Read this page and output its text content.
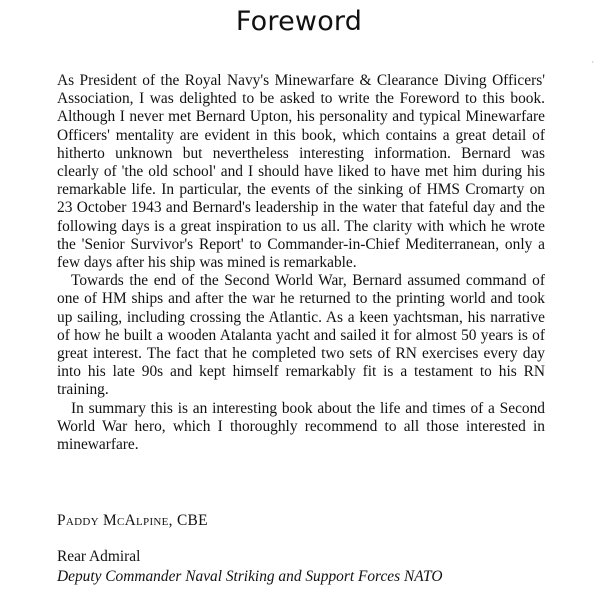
Foreword

As President of the Royal Navy's Minewarfare & Clearance Diving Officers' Association, I was delighted to be asked to write the Foreword to this book. Although I never met Bernard Upton, his personality and typical Minewarfare Officers' mentality are evident in this book, which contains a great detail of hitherto unknown but nevertheless interesting information. Bernard was clearly of 'the old school' and I should have liked to have met him during his remarkable life. In particular, the events of the sinking of HMS Cromarty on 23 October 1943 and Bernard's leadership in the water that fateful day and the following days is a great inspiration to us all. The clarity with which he wrote the 'Senior Survivor's Report' to Commander-in-Chief Mediterranean, only a few days after his ship was mined is remarkable.

Towards the end of the Second World War, Bernard assumed command of one of HM ships and after the war he returned to the printing world and took up sailing, including crossing the Atlantic. As a keen yachtsman, his narrative of how he built a wooden Atalanta yacht and sailed it for almost 50 years is of great interest. The fact that he completed two sets of RN exercises every day into his late 90s and kept himself remarkably fit is a testament to his RN training.

In summary this is an interesting book about the life and times of a Second World War hero, which I thoroughly recommend to all those interested in minewarfare.

Paddy McAlpine, CBE
Rear Admiral
Deputy Commander Naval Striking and Support Forces NATO
·
